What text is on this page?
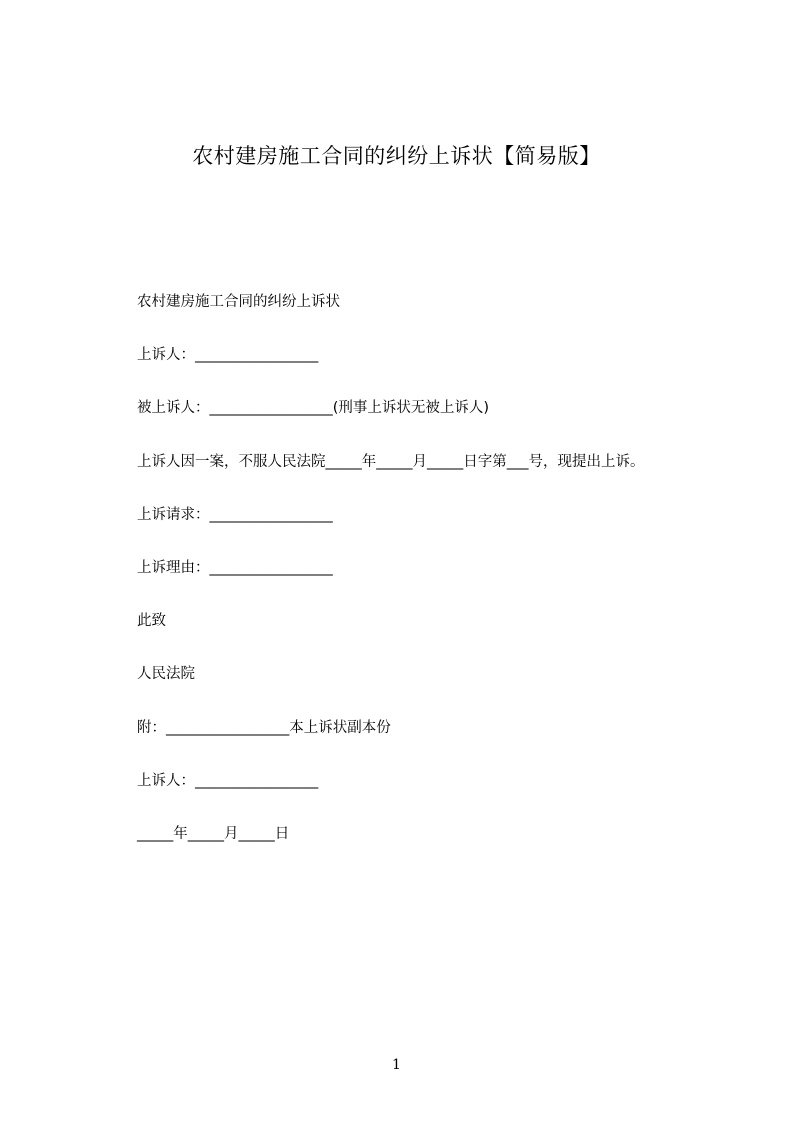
农村建房施工合同的纠纷上诉状【简易版】
农村建房施工合同的纠纷上诉状
上诉人：_________________
被上诉人：_________________(刑事上诉状无被上诉人)
上诉人因一案，不服人民法院_____年_____月_____日字第___号，现提出上诉。
上诉请求：_________________
上诉理由：_________________
此致
人民法院
附：_________________本上诉状副本份
上诉人：_________________
_____年_____月_____日
1
